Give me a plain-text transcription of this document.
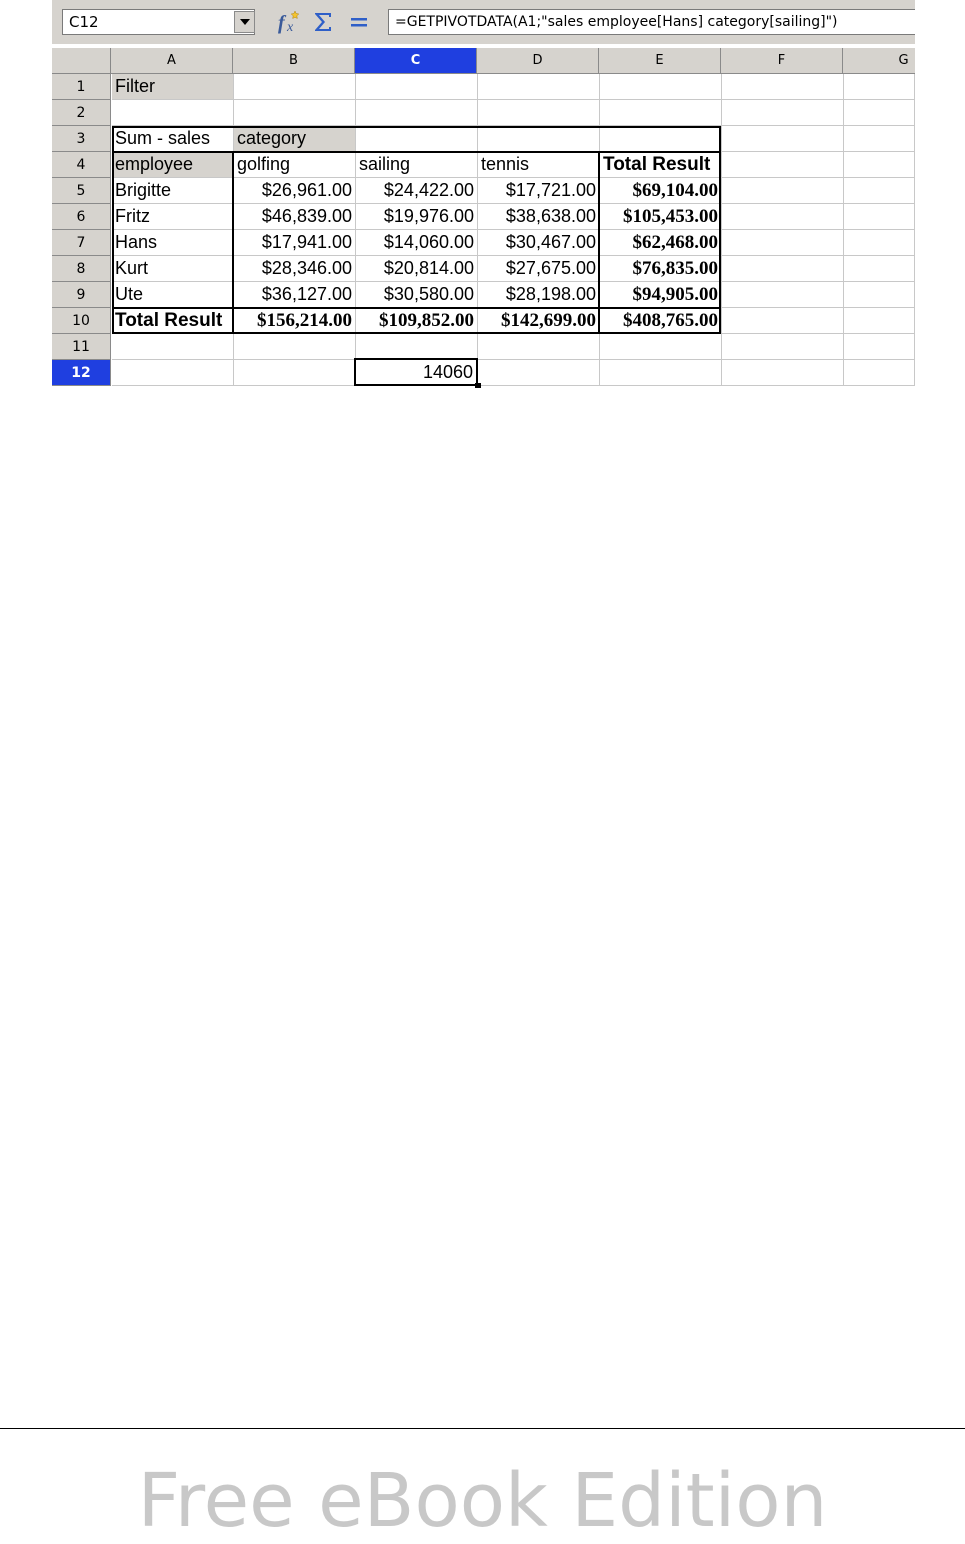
C12	f x	=GETPIVOTDATA(A1;"sales employee[Hans] category[sailing]")
A	B	C	D	E	F	G
1
2
3
4
5
6
7
8
9
10
11
12
Filter
Sum - sales	category
employee	golfing	sailing	tennis	Total Result
Brigitte	$26,961.00	$24,422.00	$17,721.00	$69,104.00
Fritz	$46,839.00	$19,976.00	$38,638.00	$105,453.00
Hans	$17,941.00	$14,060.00	$30,467.00	$62,468.00
Kurt	$28,346.00	$20,814.00	$27,675.00	$76,835.00
Ute	$36,127.00	$30,580.00	$28,198.00	$94,905.00
Total Result	$156,214.00	$109,852.00	$142,699.00	$408,765.00
14060
Free eBook Edition
